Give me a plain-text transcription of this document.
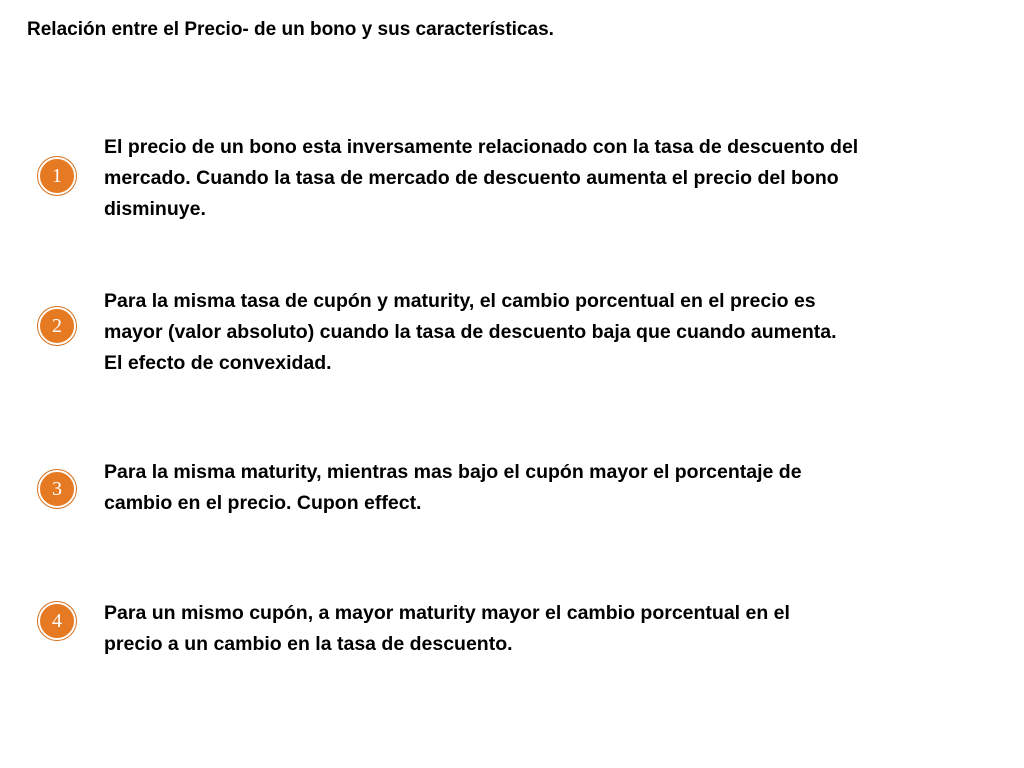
Relación entre el Precio- de un bono y sus características.
1

El precio de un bono esta inversamente relacionado con la tasa de descuento del
mercado. Cuando la tasa de mercado de descuento aumenta el precio del bono
disminuye.

2

Para la misma tasa de cupón y maturity, el cambio porcentual en el precio es
mayor (valor absoluto) cuando la tasa de descuento baja que cuando aumenta.
El efecto de convexidad.

3

Para la misma maturity, mientras mas bajo el cupón mayor el porcentaje de
cambio en el precio. Cupon effect.

4	Para un mismo cupón, a mayor maturity mayor el cambio porcentual en el
precio a un cambio en la tasa de descuento.
